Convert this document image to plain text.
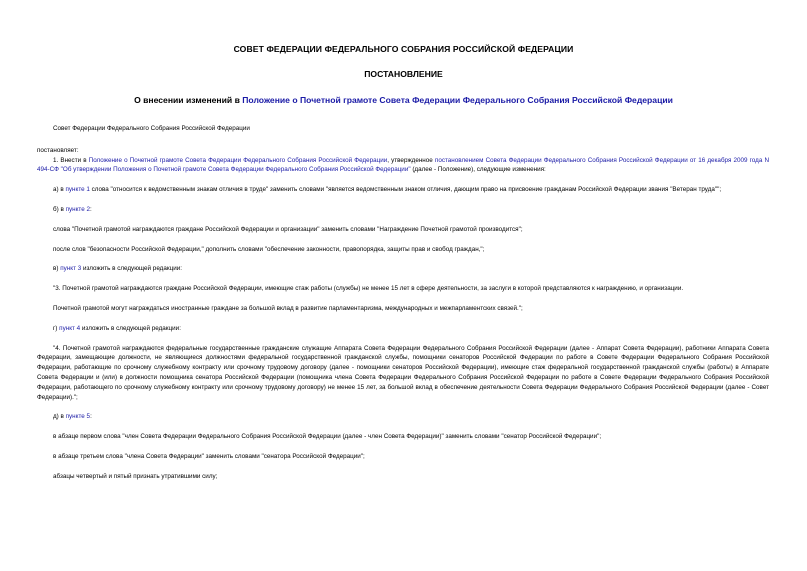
СОВЕТ ФЕДЕРАЦИИ ФЕДЕРАЛЬНОГО СОБРАНИЯ РОССИЙСКОЙ ФЕДЕРАЦИИ
ПОСТАНОВЛЕНИЕ
О внесении изменений в Положение о Почетной грамоте Совета Федерации Федерального Собрания Российской Федерации

Совет Федерации Федерального Собрания Российской Федерации

постановляет:

1. Внести в Положение о Почетной грамоте Совета Федерации Федерального Собрания Российской Федерации, утвержденное постановлением Совета Федерации Федерального Собрания Российской Федерации от 16 декабря 2009 года N 494-СФ "Об утверждении Положения о Почетной грамоте Совета Федерации Федерального Собрания Российской Федерации" (далее - Положение), следующие изменения:

а) в пункте 1 слова "относится к ведомственным знакам отличия в труде" заменить словами "является ведомственным знаком отличия, дающим право на присвоение гражданам Российской Федерации звания "Ветеран труда"";

б) в пункте 2:

слова "Почетной грамотой награждаются граждане Российской Федерации и организации" заменить словами "Награждение Почетной грамотой производится";

после слов "безопасности Российской Федерации," дополнить словами "обеспечение законности, правопорядка, защиты прав и свобод граждан,";

в) пункт 3 изложить в следующей редакции:

"3. Почетной грамотой награждаются граждане Российской Федерации, имеющие стаж работы (службы) не менее 15 лет в сфере деятельности, за заслуги в которой представляются к награждению, и организации.

Почетной грамотой могут награждаться иностранные граждане за большой вклад в развитие парламентаризма, международных и межпарламентских связей.";

г) пункт 4 изложить в следующей редакции:

"4. Почетной грамотой награждаются федеральные государственные гражданские служащие Аппарата Совета Федерации Федерального Собрания Российской Федерации (далее - Аппарат Совета Федерации), работники Аппарата Совета Федерации, замещающие должности, не являющиеся должностями федеральной государственной гражданской службы, помощники сенаторов Российской Федерации по работе в Совете Федерации Федерального Собрания Российской Федерации, работающие по срочному служебному контракту или срочному трудовому договору (далее - помощники сенаторов Российской Федерации), имеющие стаж федеральной государственной гражданской службы (работы) в Аппарате Совета Федерации и (или) в должности помощника сенатора Российской Федерации (помощника члена Совета Федерации Федерального Собрания Российской Федерации по работе в Совете Федерации Федерального Собрания Российской Федерации, работающего по срочному служебному контракту или срочному трудовому договору) не менее 15 лет, за большой вклад в обеспечение деятельности Совета Федерации Федерального Собрания Российской Федерации (далее - Совет Федерации).";

д) в пункте 5:

в абзаце первом слова "член Совета Федерации Федерального Собрания Российской Федерации (далее - член Совета Федерации)" заменить словами "сенатор Российской Федерации";

в абзаце третьем слова "члена Совета Федерации" заменить словами "сенатора Российской Федерации";

абзацы четвертый и пятый признать утратившими силу;
